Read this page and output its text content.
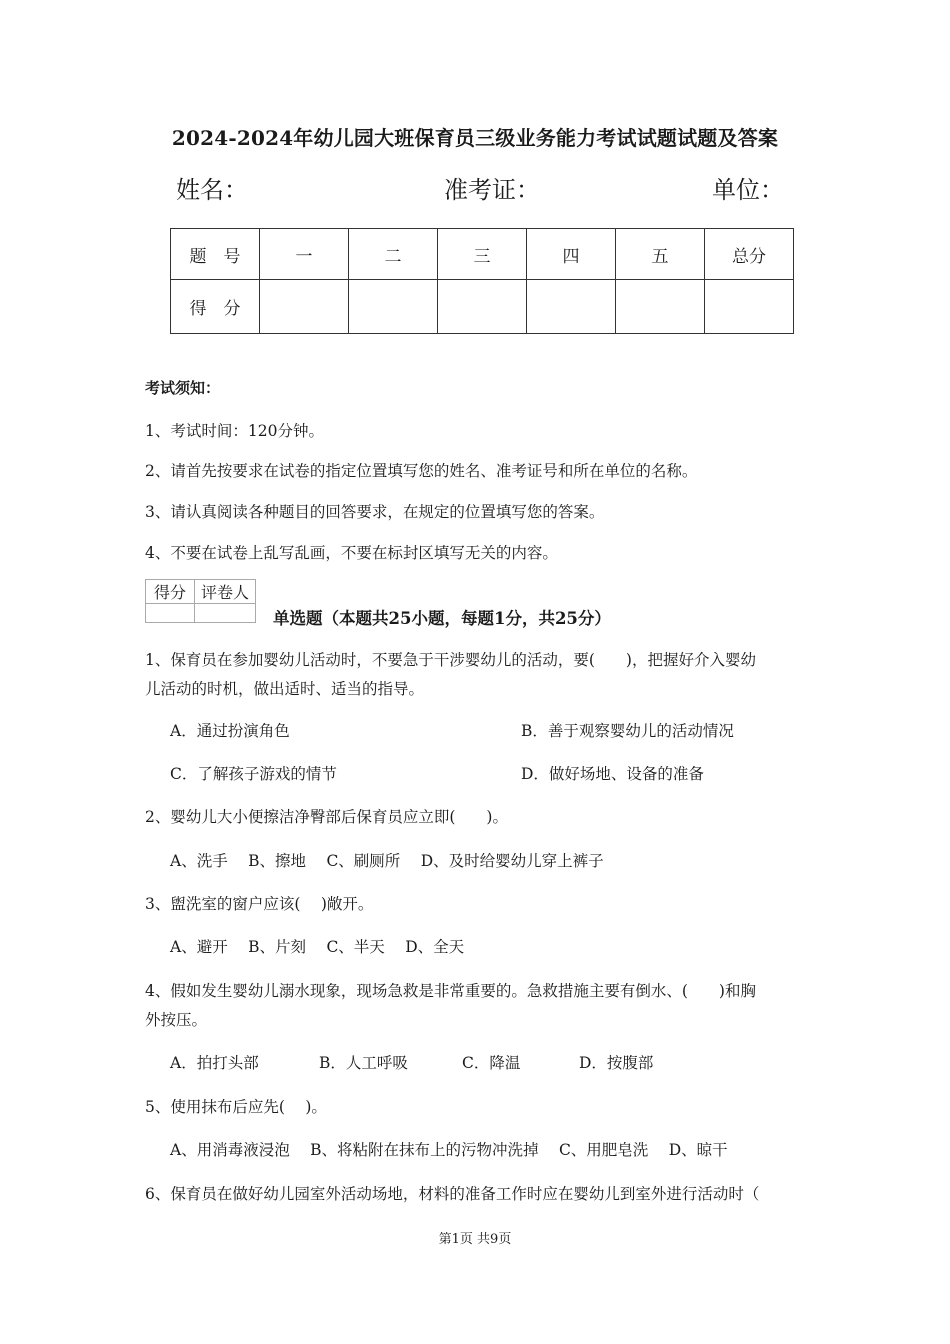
2024-2024年幼儿园大班保育员三级业务能力考试试题试题及答案
姓名：	准考证：	单位：
题　号	一	二	三	四	五	总分
得　分						
考试须知：
1、考试时间：120分钟。
2、请首先按要求在试卷的指定位置填写您的姓名、准考证号和所在单位的名称。
3、请认真阅读各种题目的回答要求，在规定的位置填写您的答案。
4、不要在试卷上乱写乱画，不要在标封区填写无关的内容。
得分	评卷人

单选题（本题共25小题，每题1分，共25分）
1、保育员在参加婴幼儿活动时，不要急于干涉婴幼儿的活动，要(　　)，把握好介入婴幼
儿活动的时机，做出适时、适当的指导。
A．通过扮演角色	B．善于观察婴幼儿的活动情况
C．了解孩子游戏的情节	D．做好场地、设备的准备
2、婴幼儿大小便擦洁净臀部后保育员应立即(　　)。
A、洗手　 B、擦地　 C、刷厕所　 D、及时给婴幼儿穿上裤子
3、盥洗室的窗户应该(　 )敞开。
A、避开　 B、片刻　 C、半天　 D、全天
4、假如发生婴幼儿溺水现象，现场急救是非常重要的。急救措施主要有倒水、(　　)和胸
外按压。
A．拍打头部	B．人工呼吸	C．降温	D．按腹部
5、使用抹布后应先(　 )。
A、用消毒液浸泡　 B、将粘附在抹布上的污物冲洗掉　 C、用肥皂洗　 D、晾干
6、保育员在做好幼儿园室外活动场地，材料的准备工作时应在婴幼儿到室外进行活动时（
第1页 共9页
